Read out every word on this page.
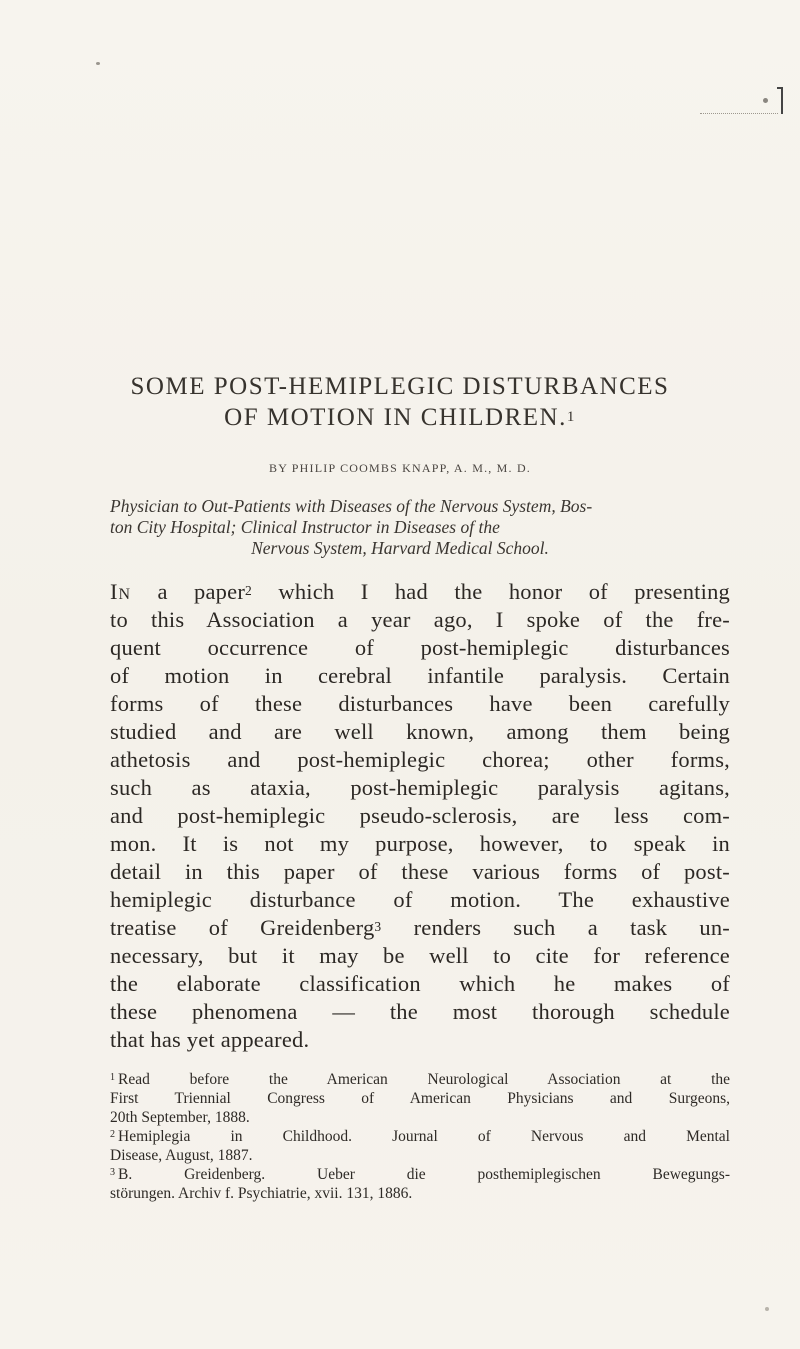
SOME POST-HEMIPLEGIC DISTURBANCES
OF MOTION IN CHILDREN.$^1$

BY PHILIP COOMBS KNAPP, A. M., M. D.

Physician to Out-Patients with Diseases of the Nervous System, Bos-

ton City Hospital; Clinical Instructor in Diseases of the

Nervous System, Harvard Medical School.

In a paper$^2$ which I had the honor of presenting

to this Association a year ago, I spoke of the fre-

quent occurrence of post-hemiplegic disturbances

of motion in cerebral infantile paralysis. Certain

forms of these disturbances have been carefully

studied and are well known, among them being

athetosis and post-hemiplegic chorea; other forms,

such as ataxia, post-hemiplegic paralysis agitans,

and post-hemiplegic pseudo-sclerosis, are less com-

mon. It is not my purpose, however, to speak in

detail in this paper of these various forms of post-

hemiplegic disturbance of motion. The exhaustive

treatise of Greidenberg$^3$ renders such a task un-

necessary, but it may be well to cite for reference

the elaborate classification which he makes of

these phenomena — the most thorough schedule

that has yet appeared.

$^1$ Read before the American Neurological Association at the

First Triennial Congress of American Physicians and Surgeons,

20th September, 1888.

$^2$ Hemiplegia in Childhood. Journal of Nervous and Mental

Disease, August, 1887.

$^3$ B. Greidenberg. Ueber die posthemiplegischen Bewegungs-

störungen. Archiv f. Psychiatrie, xvii. 131, 1886.
